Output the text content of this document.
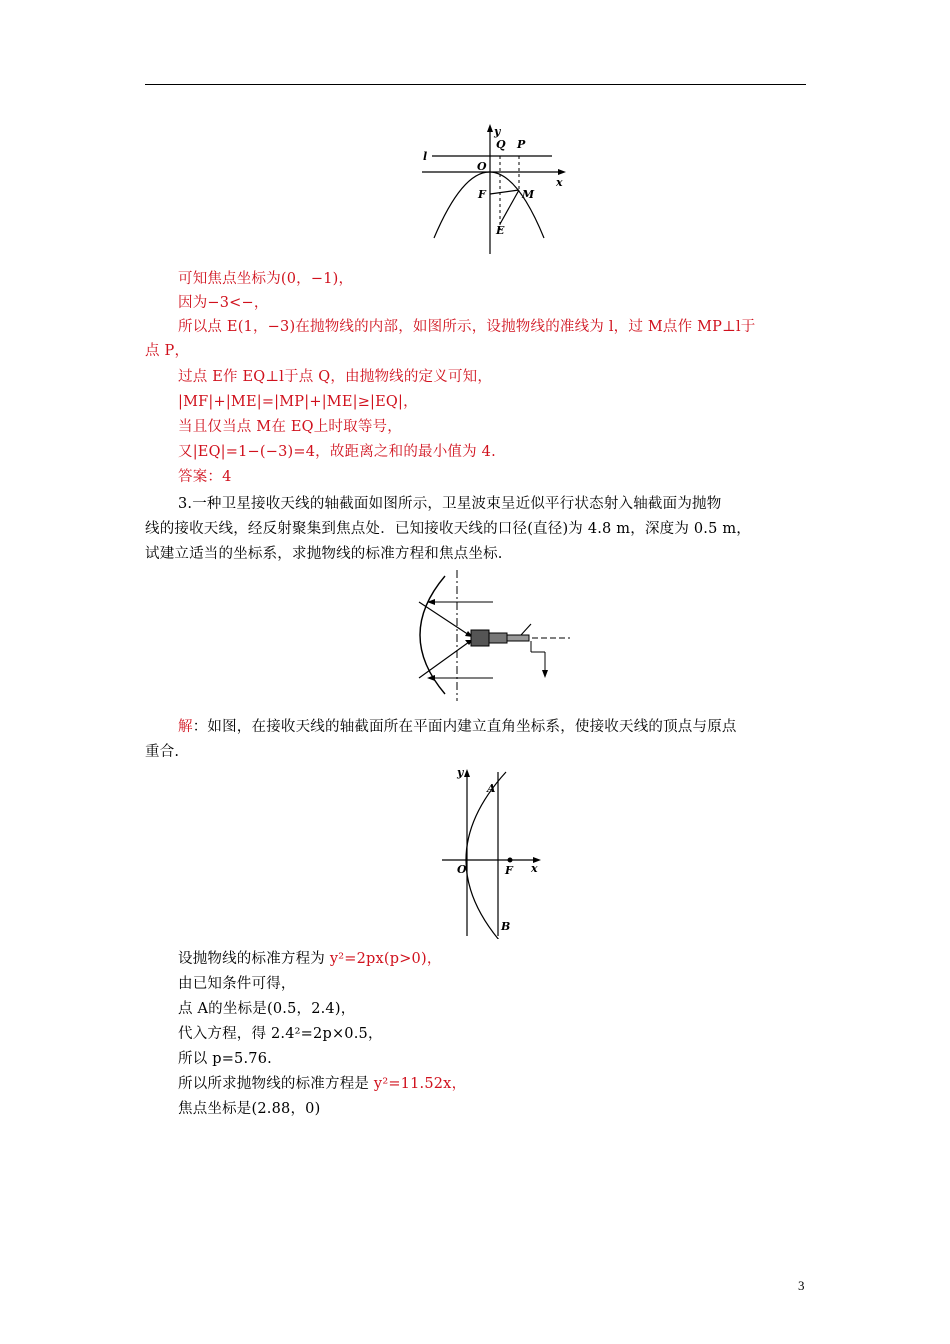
l
y
x
O
Q P
F	M
E
可知焦点坐标为(0，−1)，
因为−3<−，
所以点 E(1，−3)在抛物线的内部，如图所示，设抛物线的准线为 l，过 M点作 MP⊥l于
点 P，
过点 E作 EQ⊥l于点 Q，由抛物线的定义可知，
|MF|+|ME|=|MP|+|ME|≥|EQ|，
当且仅当点 M在 EQ上时取等号，
又|EQ|=1−(−3)=4，故距离之和的最小值为 4.
答案：4
3.一种卫星接收天线的轴截面如图所示，卫星波束呈近似平行状态射入轴截面为抛物
线的接收天线，经反射聚集到焦点处．已知接收天线的口径(直径)为 4.8 m，深度为 0.5 m，
试建立适当的坐标系，求抛物线的标准方程和焦点坐标.
解：如图，在接收天线的轴截面所在平面内建立直角坐标系，使接收天线的顶点与原点
重合.
y
x
O	F
A
B
设抛物线的标准方程为 y²=2px(p>0)，
由已知条件可得，
点 A的坐标是(0.5，2.4)，
代入方程，得 2.4²=2p×0.5，
所以 p=5.76.
所以所求抛物线的标准方程是 y²=11.52x，
焦点坐标是(2.88，0)
3
